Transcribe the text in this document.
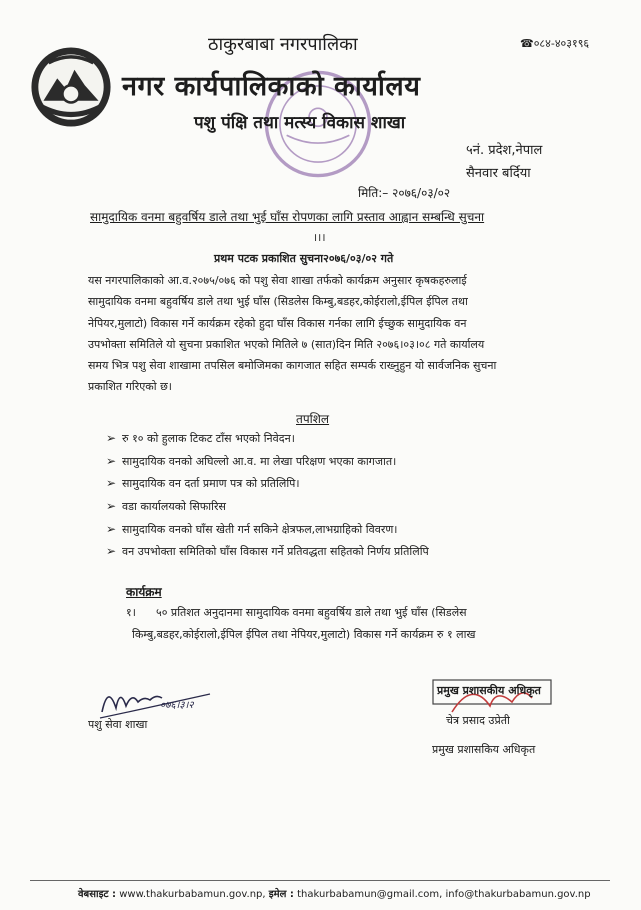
☎०८४-४०३१९६
ठाकुरबाबा नगरपालिका
नगर कार्यपालिकाको कार्यालय
पशु पंक्षि तथा मत्स्य विकास शाखा
५नं. प्रदेश,नेपाल
सैनवार बर्दिया
मिति:– २०७६/०३/०२
सामुदायिक वनमा बहुवर्षिय डाले तथा भुई घाँस रोपणका लागि प्रस्ताव आह्वान सम्बन्धि सुचना
।।।
प्रथम पटक प्रकाशित सुचना२०७६/०३/०२ गते

यस नगरपालिकाको आ.व.२०७५/०७६ को पशु सेवा शाखा तर्फको कार्यक्रम अनुसार कृषकहरुलाई

सामुदायिक वनमा बहुवर्षिय डाले तथा भुई घाँस (सिडलेस किम्बु,बडहर,कोईरालो,ईपिल ईपिल तथा

नेपियर,मुलाटो) विकास गर्ने कार्यक्रम रहेको हुदा घाँस विकास गर्नका लागि ईच्छुक सामुदायिक वन

उपभोक्ता समितिले यो सुचना प्रकाशित भएको मितिले ७ (सात)दिन मिति २०७६।०३।०८ गते कार्यालय

समय भित्र पशु सेवा शाखामा तपसिल बमोजिमका कागजात सहित सम्पर्क राख्नुहुन यो सार्वजनिक सुचना

प्रकाशित गरिएको छ।

तपशिल
➢ रु १० को हुलाक टिकट टाँस भएको निवेदन।
➢ सामुदायिक वनको अघिल्लो आ.व. मा लेखा परिक्षण भएका कागजात।
➢ सामुदायिक वन दर्ता प्रमाण पत्र को प्रतिलिपि।
➢ वडा कार्यालयको सिफारिस
➢ सामुदायिक वनको घाँस खेती गर्न सकिने क्षेत्रफल,लाभग्राहिको विवरण।
➢ वन उपभोक्ता समितिको घाँस विकास गर्ने प्रतिवद्धता सहितको निर्णय प्रतिलिपि
कार्यक्रम
१। ५० प्रतिशत अनुदानमा सामुदायिक वनमा बहुवर्षिय डाले तथा भुई घाँस (सिडलेस
किम्बु,बडहर,कोईरालो,ईपिल ईपिल तथा नेपियर,मुलाटो) विकास गर्ने कार्यक्रम रु १ लाख
०७६।३।२
पशु सेवा शाखा
प्रमुख प्रशासकीय अधिकृत
चेत्र प्रसाद उप्रेती
प्रमुख प्रशासकिय अधिकृत
वेबसाइट : www.thakurbabamun.gov.np, इमेल : thakurbabamun@gmail.com, info@thakurbabamun.gov.np
